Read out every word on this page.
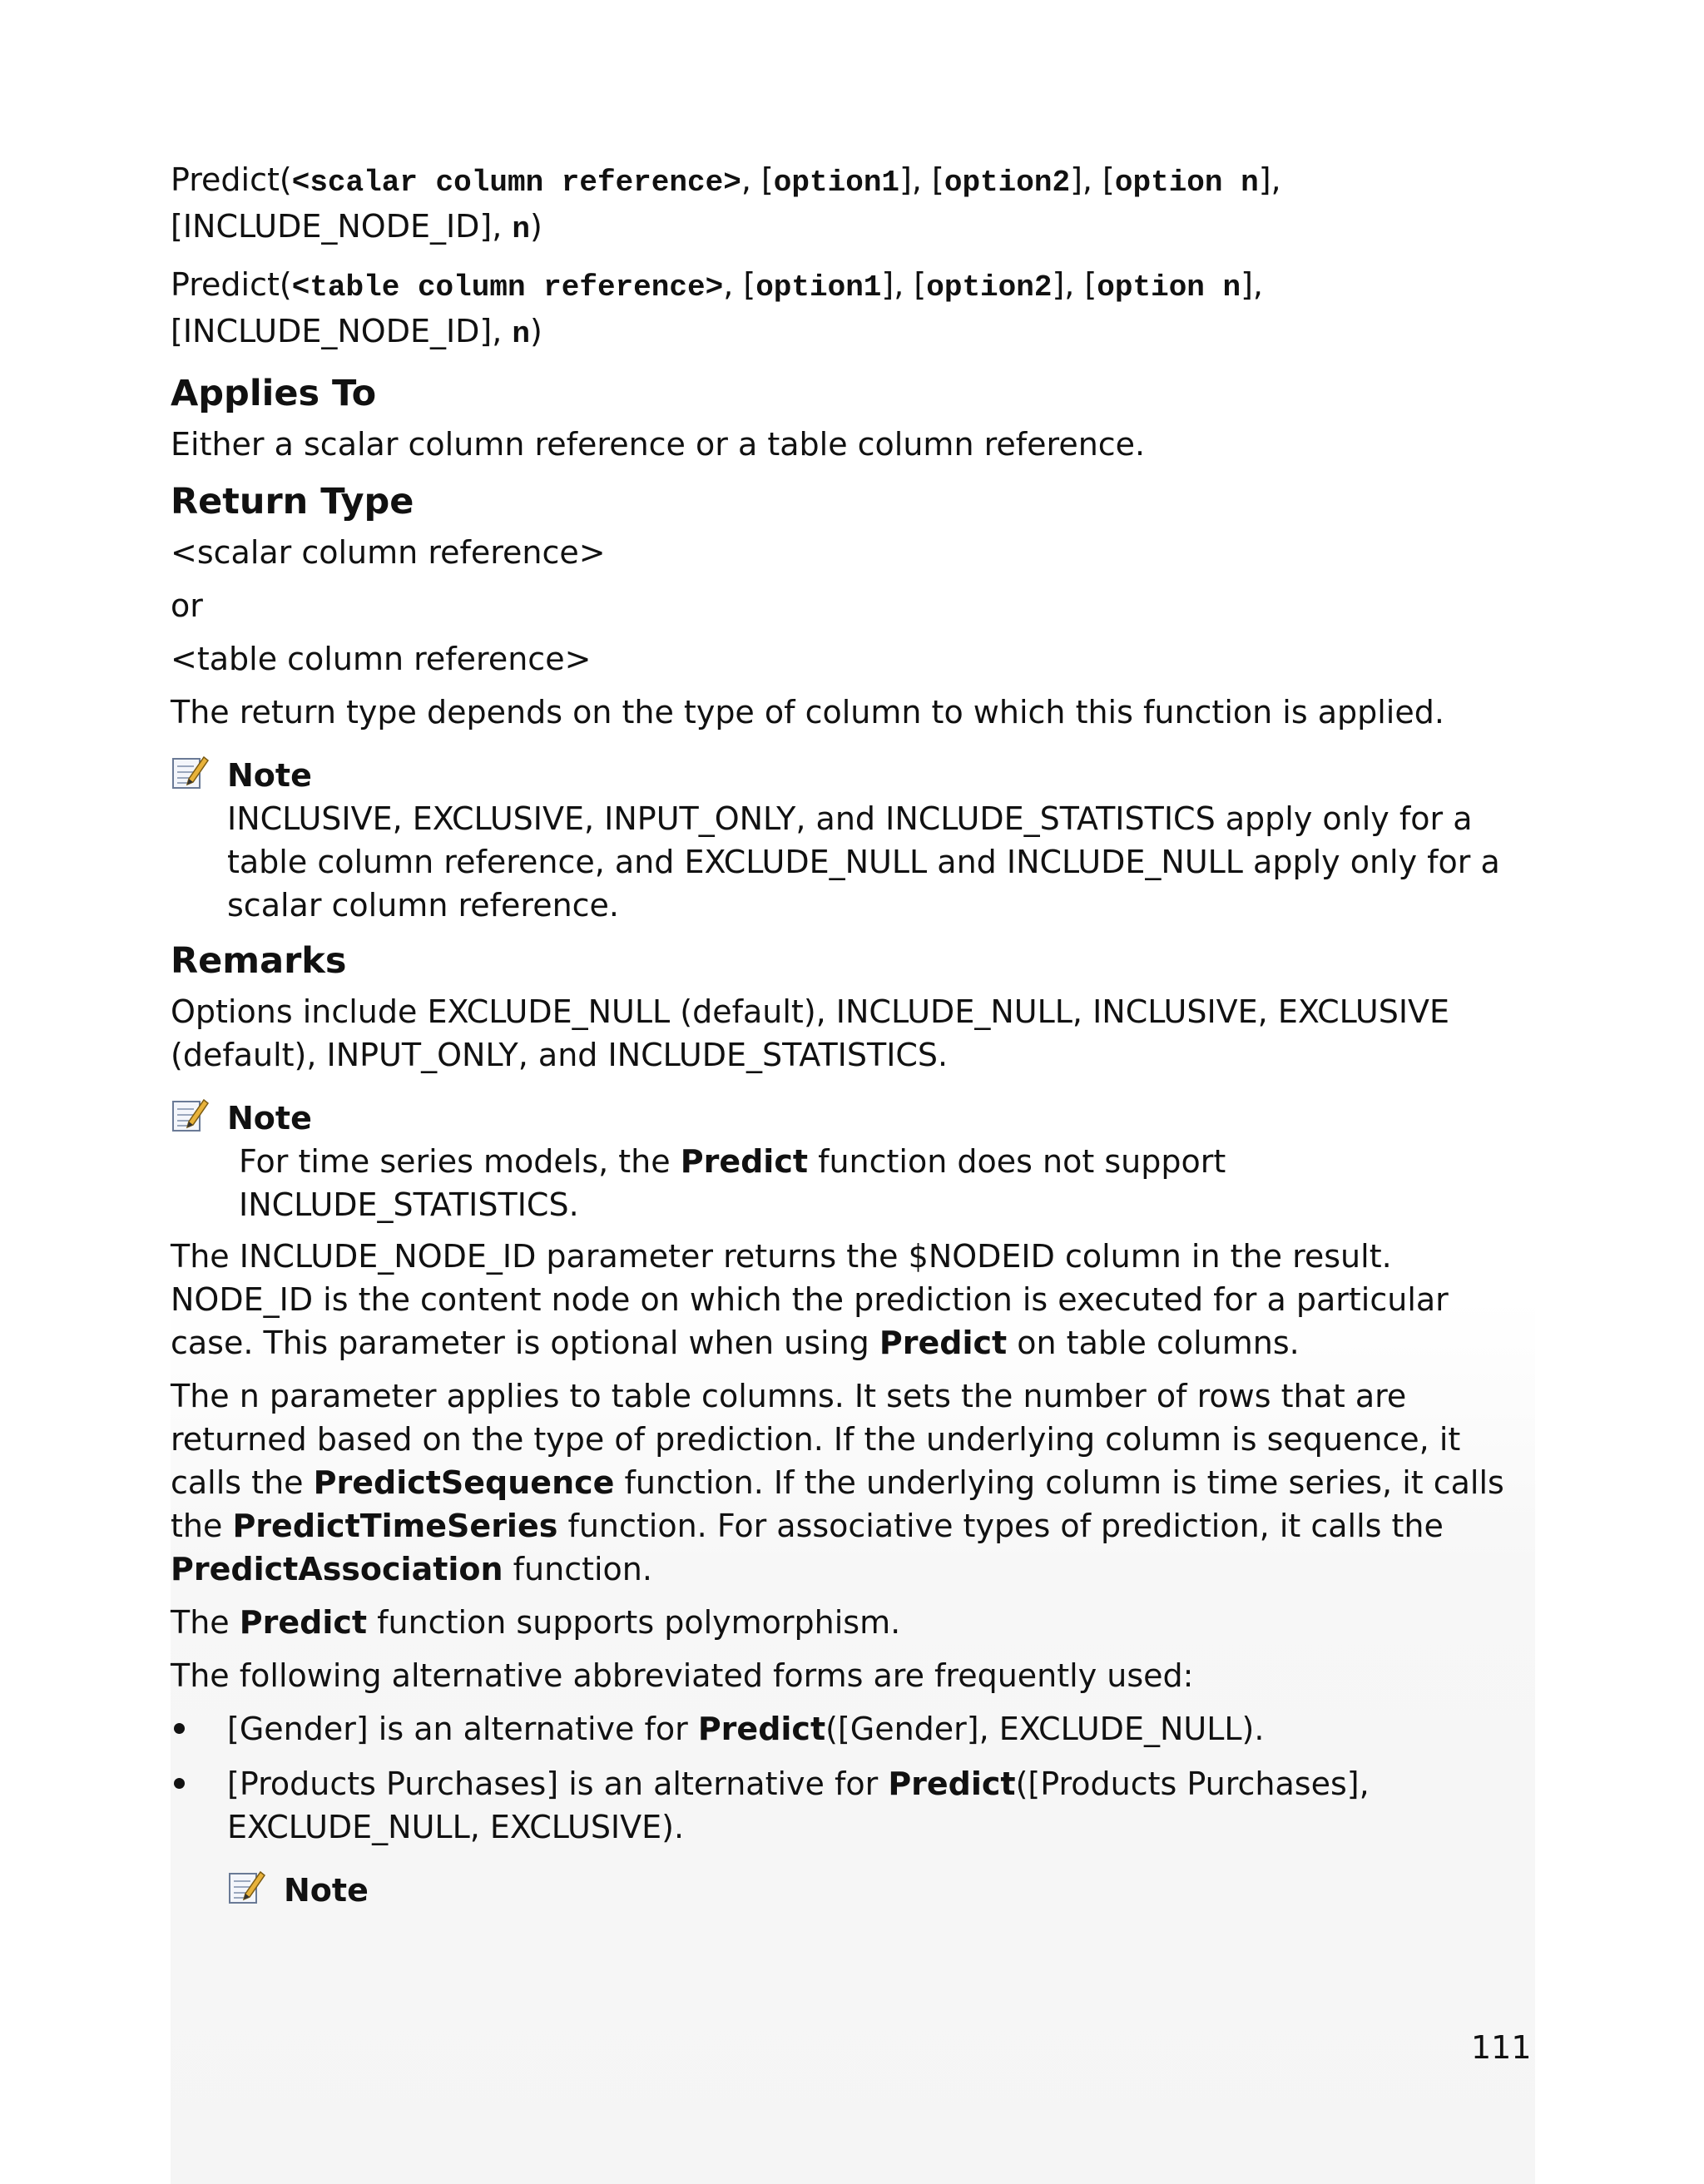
Predict(<scalar column reference>, [option1], [option2], [option n],
[INCLUDE_NODE_ID], n)

Predict(<table column reference>, [option1], [option2], [option n],
[INCLUDE_NODE_ID], n)

Applies To

Either a scalar column reference or a table column reference.

Return Type

<scalar column reference>

or

<table column reference>

The return type depends on the type of column to which this function is applied.

Note
INCLUSIVE, EXCLUSIVE, INPUT_ONLY, and INCLUDE_STATISTICS apply only for a table column reference, and EXCLUDE_NULL and INCLUDE_NULL apply only for a scalar column reference.
Remarks

Options include EXCLUDE_NULL (default), INCLUDE_NULL, INCLUSIVE, EXCLUSIVE (default), INPUT_ONLY, and INCLUDE_STATISTICS.

Note
For time series models, the Predict function does not support INCLUDE_STATISTICS.

The INCLUDE_NODE_ID parameter returns the $NODEID column in the result. NODE_ID is the content node on which the prediction is executed for a particular case. This parameter is optional when using Predict on table columns.

The n parameter applies to table columns. It sets the number of rows that are returned based on the type of prediction. If the underlying column is sequence, it calls the PredictSequence function. If the underlying column is time series, it calls the PredictTimeSeries function. For associative types of prediction, it calls the PredictAssociation function.

The Predict function supports polymorphism.

The following alternative abbreviated forms are frequently used:

[Gender] is an alternative for Predict([Gender], EXCLUDE_NULL).
[Products Purchases] is an alternative for Predict([Products Purchases], EXCLUDE_NULL, EXCLUSIVE).
Note
111
